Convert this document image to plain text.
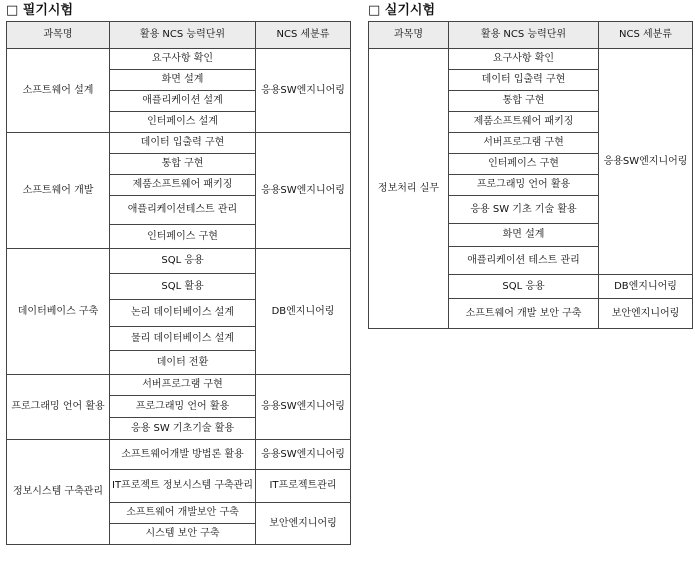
□ 필기시험	□ 실기시험
과목명	활용 NCS 능력단위	NCS 세분류
소프트웨어 설계	요구사항 확인	응용SW엔지니어링
	화면 설계	
	애플리케이션 설계	
	인터페이스 설계	
소프트웨어 개발	데이터 입출력 구현	응용SW엔지니어링
	통합 구현	
	제품소프트웨어 패키징	
	애플리케이션테스트 관리	
	인터페이스 구현	
데이터베이스 구축	SQL 응용	DB엔지니어링
	SQL 활용	
	논리 데이터베이스 설계	
	물리 데이터베이스 설계	
	데이터 전환	
프로그래밍 언어 활용	서버프로그램 구현	응용SW엔지니어링
	프로그래밍 언어 활용	
	응용 SW 기초기술 활용	
정보시스템 구축관리	소프트웨어개발 방법론 활용	응용SW엔지니어링
	IT프로젝트 정보시스템 구축관리	IT프로젝트관리
	소프트웨어 개발보안 구축	보안엔지니어링
	시스템 보안 구축	
과목명	활용 NCS 능력단위	NCS 세분류
정보처리 실무	요구사항 확인	응용SW엔지니어링
	데이터 입출력 구현	
	통합 구현	
	제품소프트웨어 패키징	
	서버프로그램 구현	
	인터페이스 구현	
	프로그래밍 언어 활용	
	응용 SW 기초 기술 활용	
	화면 설계	
	애플리케이션 테스트 관리	
	SQL 응용	DB엔지니어링
	소프트웨어 개발 보안 구축	보안엔지니어링
